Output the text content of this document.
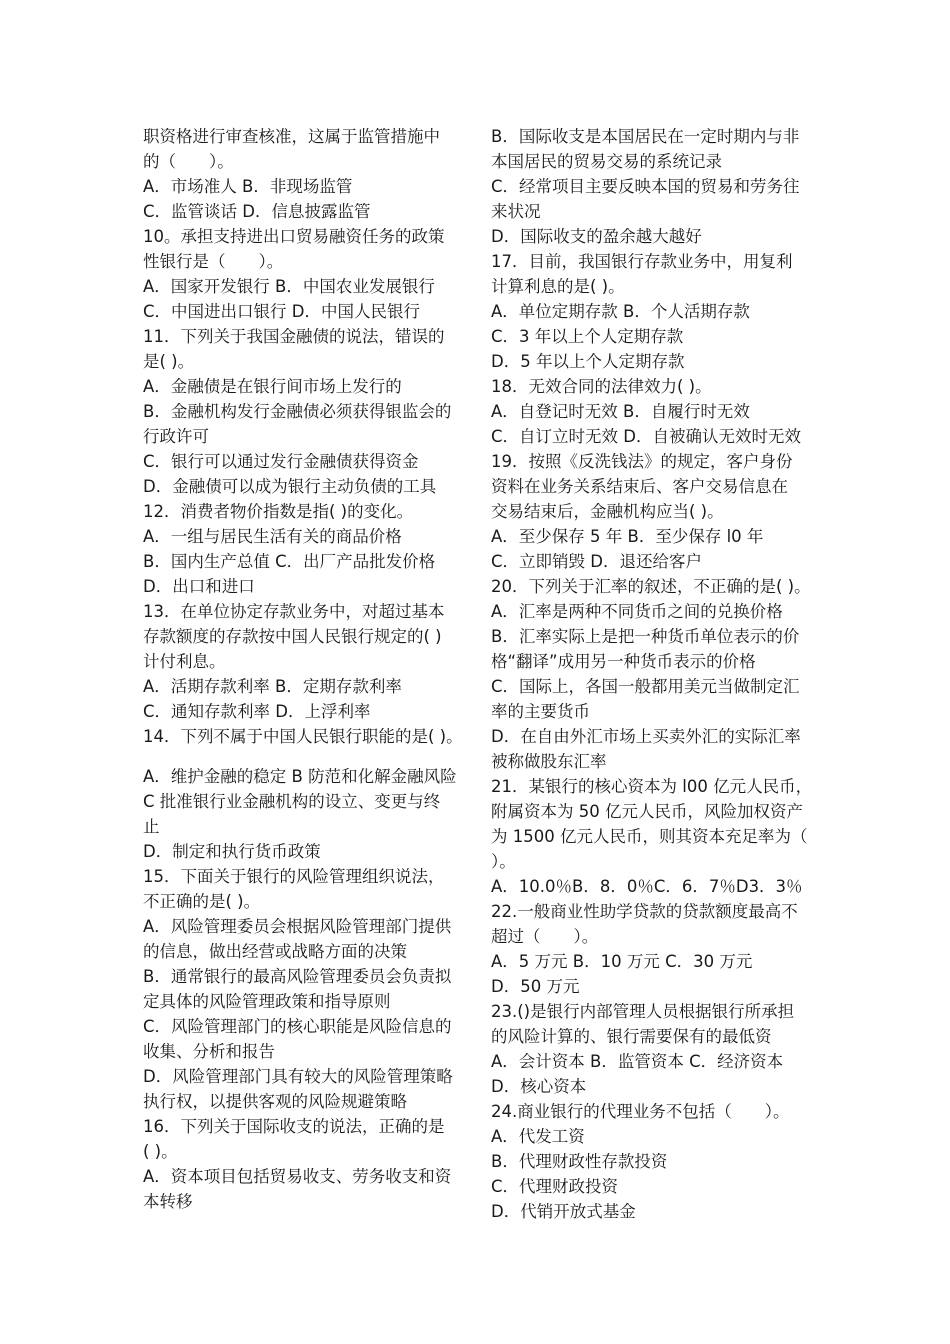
职资格进行审查核准，这属于监管措施中
的（　　）。
A．市场准人 B．非现场监管
C．监管谈话 D．信息披露监管
10。承担支持进出口贸易融资任务的政策
性银行是（　　）。
A．国家开发银行 B．中国农业发展银行
C．中国进出口银行 D．中国人民银行
11．下列关于我国金融债的说法，错误的
是( )。
A．金融债是在银行间市场上发行的
B．金融机构发行金融债必须获得银监会的
行政许可
C．银行可以通过发行金融债获得资金
D．金融债可以成为银行主动负债的工具
12．消费者物价指数是指( )的变化。
A．一组与居民生活有关的商品价格
B．国内生产总值 C．出厂产品批发价格
D．出口和进口
13．在单位协定存款业务中，对超过基本
存款额度的存款按中国人民银行规定的( )
计付利息。
A．活期存款利率 B．定期存款利率
C．通知存款利率 D．上浮利率
14．下列不属于中国人民银行职能的是( )。
A．维护金融的稳定 B 防范和化解金融风险
C 批准银行业金融机构的设立、变更与终
止
D．制定和执行货币政策
15．下面关于银行的风险管理组织说法，
不正确的是( )。
A．风险管理委员会根据风险管理部门提供
的信息，做出经营或战略方面的决策
B．通常银行的最高风险管理委员会负责拟
定具体的风险管理政策和指导原则
C．风险管理部门的核心职能是风险信息的
收集、分析和报告
D．风险管理部门具有较大的风险管理策略
执行权，以提供客观的风险规避策略
16．下列关于国际收支的说法，正确的是
( )。
A．资本项目包括贸易收支、劳务收支和资
本转移
B．国际收支是本国居民在一定时期内与非
本国居民的贸易交易的系统记录
C．经常项目主要反映本国的贸易和劳务往
来状况
D．国际收支的盈余越大越好
17．目前，我国银行存款业务中，用复利
计算利息的是( )。
A．单位定期存款 B．个人活期存款
C．3 年以上个人定期存款
D．5 年以上个人定期存款
18．无效合同的法律效力( )。
A．自登记时无效 B．自履行时无效
C．自订立时无效 D．自被确认无效时无效
19．按照《反洗钱法》的规定，客户身份
资料在业务关系结束后、客户交易信息在
交易结束后，金融机构应当( )。
A．至少保存 5 年 B．至少保存 l0 年
C．立即销毁 D．退还给客户
20．下列关于汇率的叙述，不正确的是( )。
A．汇率是两种不同货币之间的兑换价格
B．汇率实际上是把一种货币单位表示的价
格“翻译”成用另一种货币表示的价格
C．国际上，各国一般都用美元当做制定汇
率的主要货币
D．在自由外汇市场上买卖外汇的实际汇率
被称做股东汇率
21．某银行的核心资本为 l00 亿元人民币，
附属资本为 50 亿元人民币，风险加权资产
为 1500 亿元人民币，则其资本充足率为（
）。
A．10.0％B．8．0％C．6．7％D3．3％
22.一般商业性助学贷款的贷款额度最高不
超过（　　）。
A．5 万元 B．10 万元 C．30 万元
D．50 万元
23.()是银行内部管理人员根据银行所承担
的风险计算的、银行需要保有的最低资
A．会计资本 B．监管资本 C．经济资本
D．核心资本
24.商业银行的代理业务不包括（　　）。
A．代发工资
B．代理财政性存款投资
C．代理财政投资
D．代销开放式基金
